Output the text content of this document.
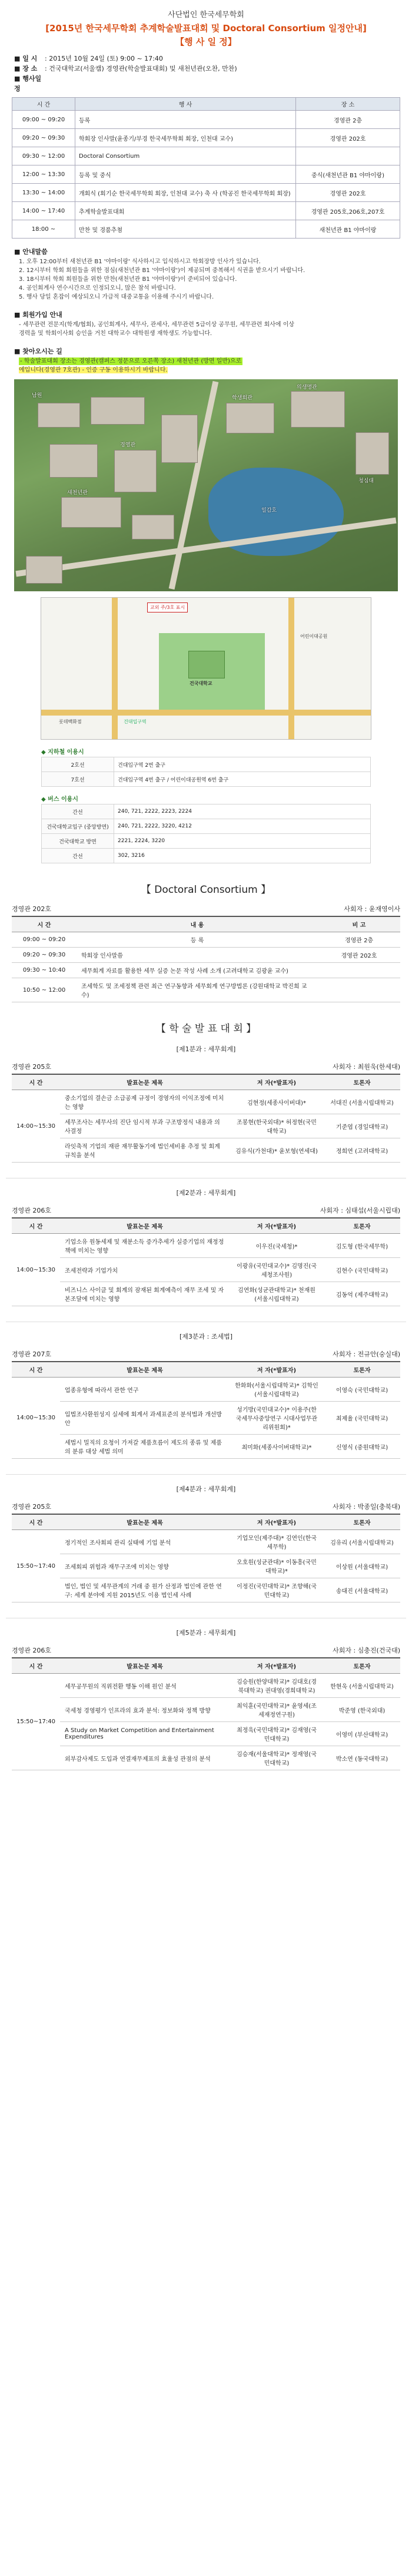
사단법인 한국세무학회
[2015년 한국세무학회 추계학술발표대회 및 Doctoral Consortium 일정안내]
【행 사 일 정】
■ 일 시 : 2015년 10월 24일 (토) 9:00 ~ 17:40
■ 장 소 : 건국대학교(서울캠) 경영관(학술발표대회) 및 새천년관(오찬, 만찬)
■ 행사일정
시 간	행 사	장 소
09:00 ~ 09:20	등록	경영관 2층
09:20 ~ 09:30	학회장 인사말(윤종기/부경 한국세무학회 회장, 인천대 교수)	경영관 202호
09:30 ~ 12:00	Doctoral Consortium	
12:00 ~ 13:30	등록 및 중식	중식(새천년관 B1 야마이랑)
13:30 ~ 14:00	개회식 (회기순 한국세무학회 회장, 인천대 교수) 축 사 (학공진 한국세무학회 회장)	경영관 202호
14:00 ~ 17:40	추계학술발표대회	경영관 205호,206호,207호
18:00 ~	만찬 및 경품추첨	새천년관 B1 야마이랑
■ 안내말씀
1. 오후 12:00부터 새천년관 B1 '야마이랑' 식사하시고 입식하시고 학회장방 인사가 있습니다.
2. 12시부터 학회 회원들을 위한 점심(새천년관 B1 '야마이랑')이 제공되며 중복해서 식권을 받으시기 바랍니다.
3. 18시부터 학회 회원들을 위한 만찬(새천년관 B1 '야마이랑')이 준비되어 있습니다.
4. 공인회계사 연수시간으로 인정되오니, 많은 참석 바랍니다.
5. 행사 당일 혼잡이 예상되오니 가급적 대중교통을 이용해 주시기 바랍니다.
■ 회원가입 안내
- 세무관련 전문지(학계/협회), 공인회계사, 세무사, 관세사, 세무관련 5급이상 공무원, 세무관련 회사에 이상
경력을 및 학회이사회 승인을 거친 대학교수 대학원생 재학생도 가능합니다.
■ 찾아오시는 길
- 학술발표대회 장소는 경영관(캠퍼스 정문으로 오른쪽 장소) 새천년관 (방면 일반)으로
에입니다(경영관 7호관) - 인증 구동 이용하시기 바랍니다.
남원
경영관
새천년관
학생회관
의생명관
청심대
일감호
교외 주/3호 표시
건국대학교
어린이대공원
롯데백화점	건대입구역
◆ 지하철 이용시
2호선	건대입구역 2번 출구
7호선	건대입구역 4번 출구 / 어린이대공원역 6번 출구
◆ 버스 이용시
간선	240, 721, 2222, 2223, 2224
건국대학교입구 (중앙방면)	240, 721, 2222, 3220, 4212
건국대학교 방면	2221, 2224, 3220
간선	302, 3216
【 Doctoral Consortium 】
경영관 202호	사회자 : 윤재영이사
시 간	내 용	비 고
09:00 ~ 09:20	등 록	경영관 2층
09:20 ~ 09:30	학회장 인사말씀	경영관 202호
09:30 ~ 10:40	세무회계 자료를 활용한 세무 실증 논문 작성 사례 소개 (고려대학교 김광윤 교수)	
10:50 ~ 12:00	조세학도 및 조세정책 관련 최근 연구동향과 세무회계 연구방법론 (강원대학교 박진희 교수)	
【 학 술 발 표 대 회 】
[제1분과 : 세무회계]
경영관 205호	사회자 : 최원욱(한세대)
시 간	발표논문 제목	저 자(*발표자)	토론자
14:00~15:30	중소기업의 결손금 소급공제 규정이 경영자의 이익조정에 미치는 영향	김현정(세종사이버대)*	서대진 (서울시립대학교)
	세무조사는 세무사의 진단 임시적 부과 구조방정식 내용과 의사결정	조봉현(한국외대)* 허정현(국민대학교)	기준엽 (경일대학교)
	라잇축적 기업의 재판 재무활동기에 법인세비용 추정 및 회계규칙을 분석	김유식(가천대)* 윤보형(연세대)	정희연 (고려대학교)
[제2분과 : 세무회계]
경영관 206호	사회자 : 심태섭(서울시립대)
시 간	발표논문 제목	저 자(*발표자)	토론자
14:00~15:30	기업소유 원동세제 및 재분소득 증가추세가 실증기업의 재정정책에 미치는 영향	이우진(국세청)*	김도형 (한국세무학)
	조세전략과 기업가치	이광유(국민대교수)* 김명진(국세청조사원)	김현수 (국민대학교)
	비즈니스 사이클 및 회계의 잠재된 회계예측이 재무 조세 및 자본조달에 미치는 영향	김연화(성균관대학교)* 천재원(서울시립대학교)	김동억 (제주대학교)
[제3분과 : 조세법]
경영관 207호	사회자 : 전규안(숭실대)
시 간	발표논문 제목	저 자(*발표자)	토론자
14:00~15:30	업종유형에 따라서 관한 연구	한화화(서울시립대학교)* 김학인(서울시립대학교)	이영숙 (국민대학교)
	입법조사환원성지 실세에 회계서 과세표준의 분석법과 개선방안	성기방(국민대교수)* 이용주(한국세무사중앙연구 시대사업무관리위원회)*	최제율 (국민대학교)
	세법시 밀직의 요청이 가져갈 제품흐름이 제도의 종류 및 제품의 분류 대상 세법 의미	최미화(세종사이버대학교)*	신영식 (중원대학교)
[제4분과 : 세무회계]
경영관 205호	사회자 : 박종일(충북대)
시 간	발표논문 제목	저 자(*발표자)	토론자
15:50~17:40	정기적인 조사회피 관리 실태에 기업 분석	기업모인(제주대)* 김연인(한국세무학)	김유리 (서울시립대학교)
	조세회피 위험과 재무구조에 미치는 영향	오호원(성균관대)* 이동흥(국민대학교)*	이상원 (서울대학교)
	법인, 법인 및 세무관계의 거래 중 원가 산정과 법인에 관한 연구: 세계 분야에 지원 2015년도 이용 법인세 사례	이정진(국민대학교)* 조향해(국민대학교)	송대진 (서울대학교)
[제5분과 : 세무회계]
경영관 206호	사회자 : 심충진(건국대)
시 간	발표논문 제목	저 자(*발표자)	토론자
15:50~17:40	세무공무원의 직위전환 행동 이해 원인 분석	김승원(한양대학교)* 김대호(경북대학교) 권대영(경희대학교)	한현욱 (서울시립대학교)
	국세청 경영평가 인프라의 효과 분석: 정보화와 정책 방향	최익훈(국민대학교)* 윤영세(조세재정연구원)	박준영 (한국외대)
	A Study on Market Competition and Entertainment Expenditures	최정욱(국민대학교)* 김재영(국민대학교)	이영미 (부산대학교)
	외부감사제도 도입과 연결재무제표의 효율성 관점의 분석	김승재(서울대학교)* 정재영(국민대학교)	박소연 (동국대학교)
